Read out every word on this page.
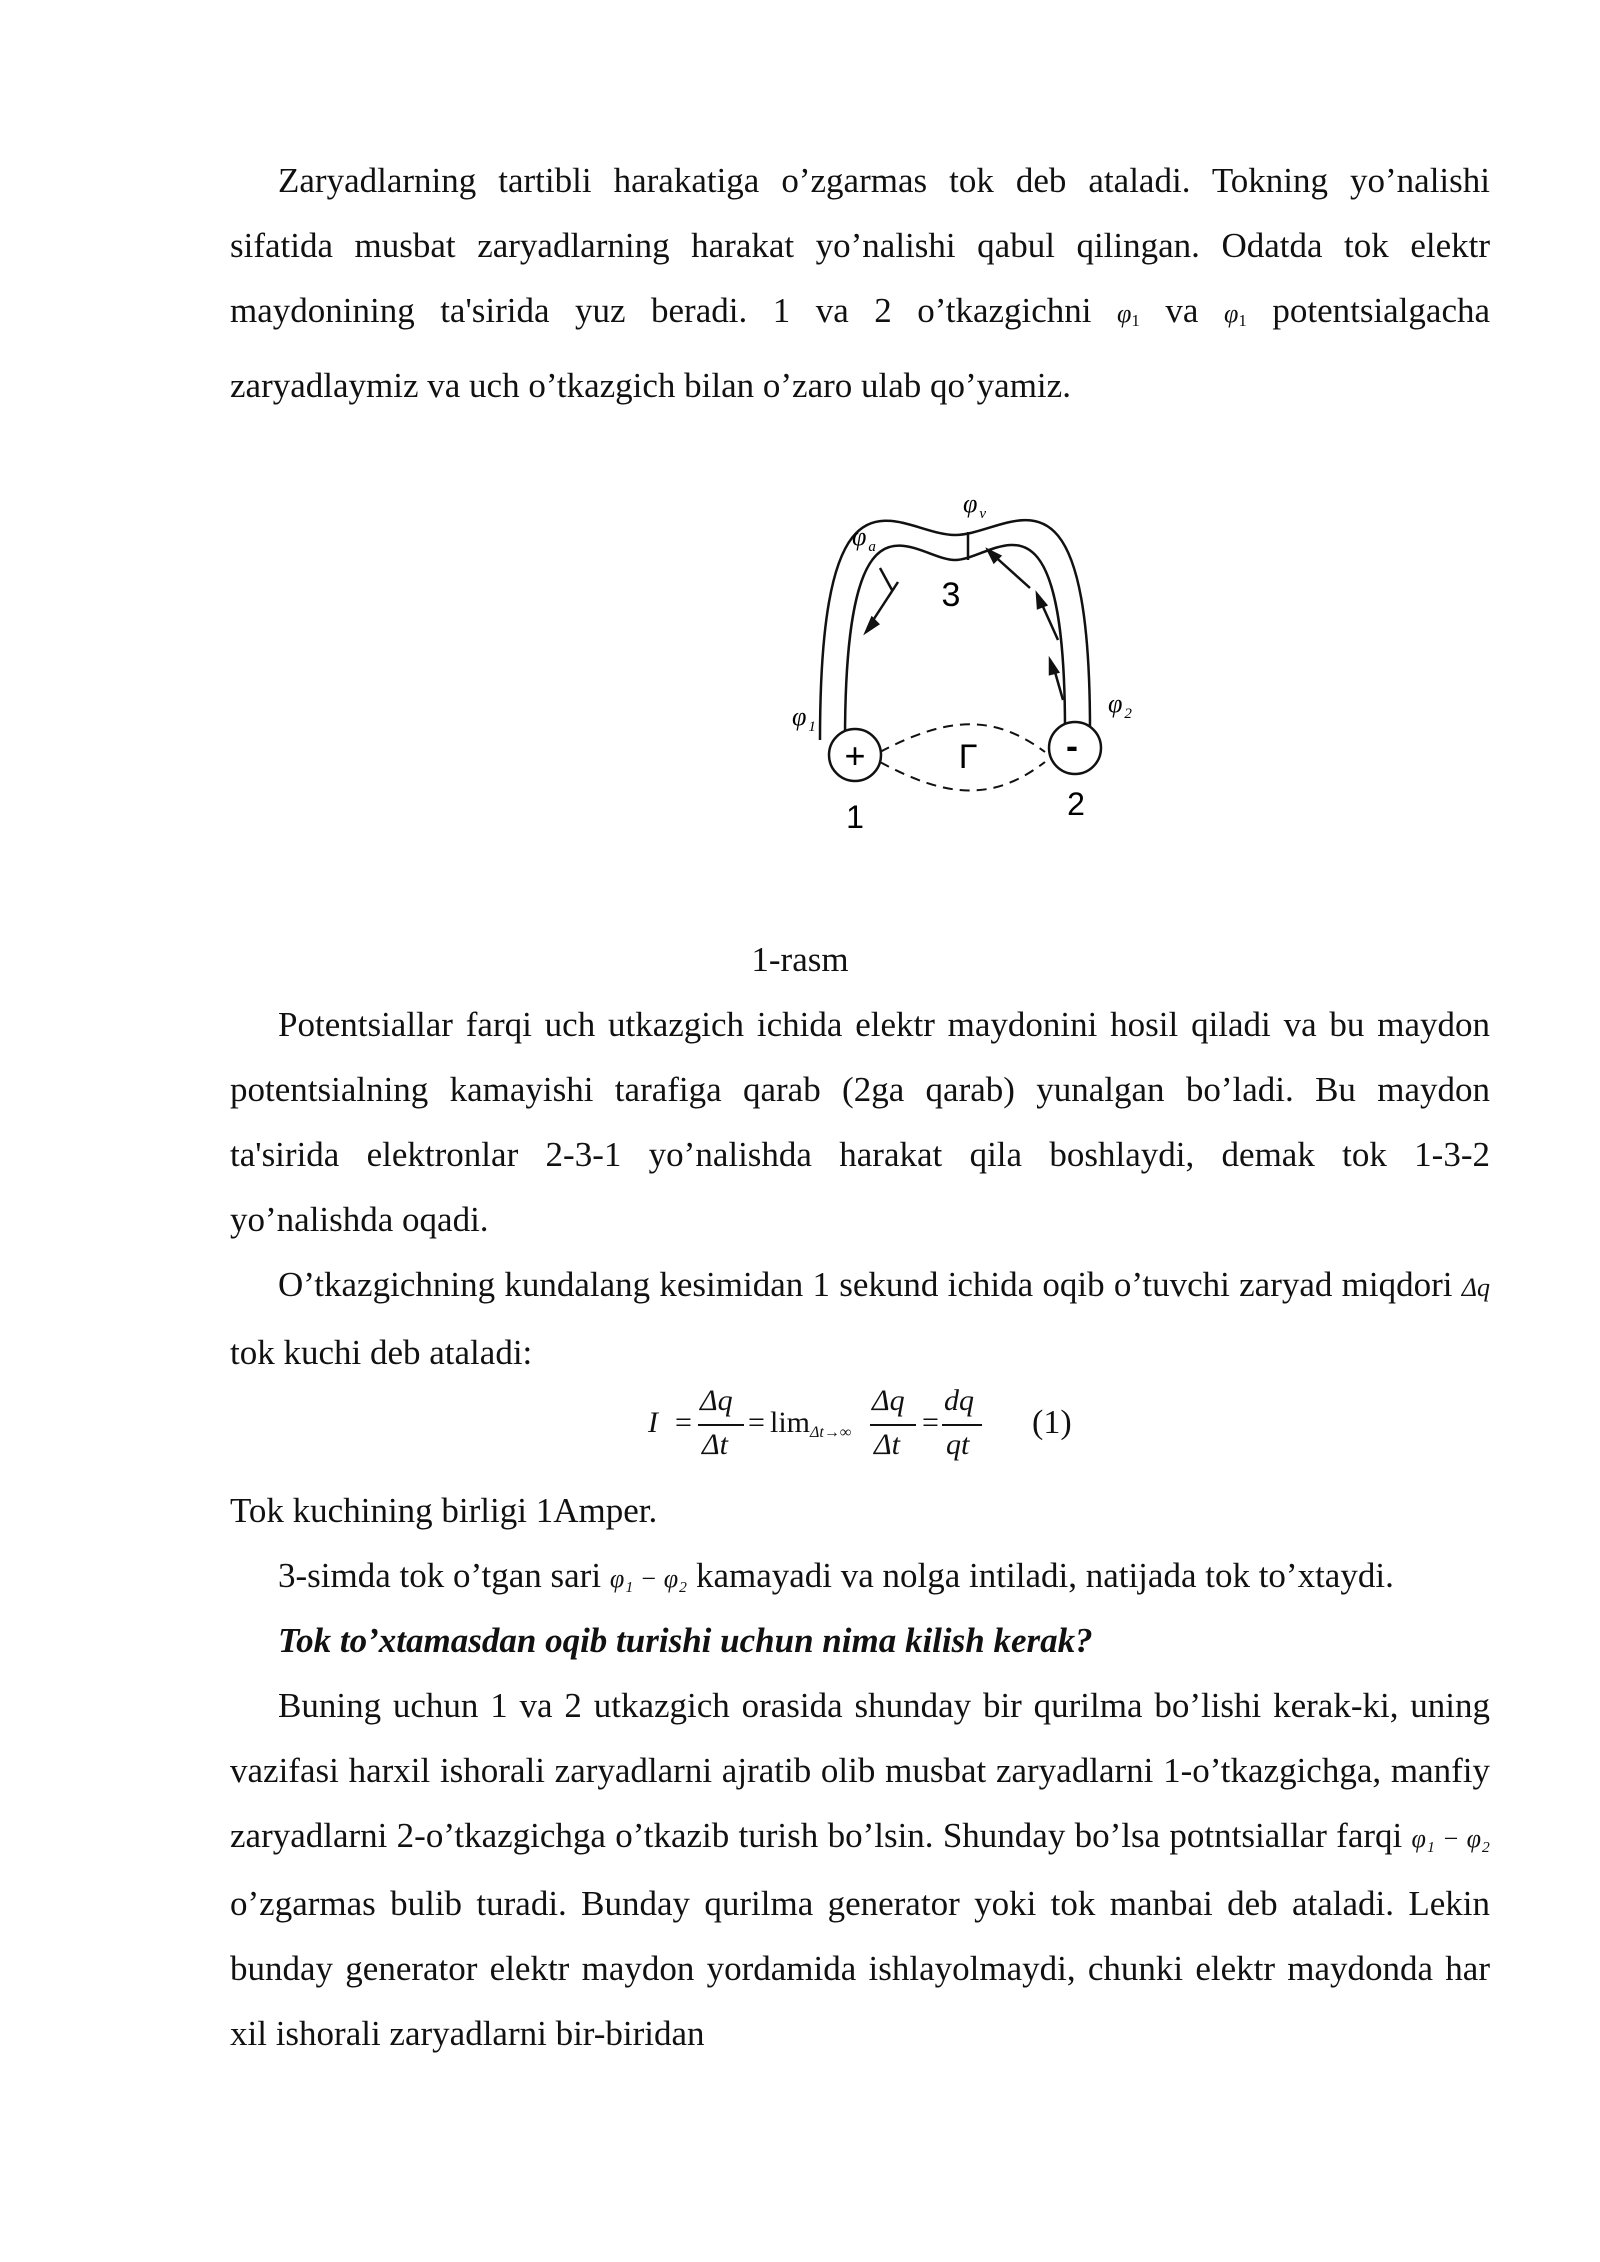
Zaryadlarning tartibli harakatiga o’zgarmas tok deb ataladi. Tokning yo’nalishi sifatida musbat zaryadlarning harakat yo’nalishi qabul qilingan. Odatda tok elektr maydonining ta'sirida yuz beradi. 1 va 2 o’tkazgichni $\varphi_1$ va $\varphi_1$ potentsialgacha zaryadlaymiz va uch o’tkazgich bilan o’zaro ulab qo’yamiz.

+	-
Г
3
1	2
φ $_a$
φ $_v$
φ $_1$
φ $_2$
1-rasm

Potentsiallar farqi uch utkazgich ichida elektr maydonini hosil qiladi va bu maydon potentsialning kamayishi tarafiga qarab (2ga qarab) yunalgan bo’ladi. Bu maydon ta'sirida elektronlar 2-3-1 yo’nalishda harakat qila boshlaydi, demak tok 1-3-2 yo’nalishda oqadi.

O’tkazgichning kundalang kesimidan 1 sekund ichida oqib o’tuvchi zaryad miqdori Δq tok kuchi deb ataladi:

I =
Δq
Δt
= lim Δt→∞
Δq
Δt
=
dq
qt
(1)

Tok kuchining birligi 1Amper.

3-simda tok o’tgan sari φ₁ − φ₂ kamayadi va nolga intiladi, natijada tok to’xtaydi.

Tok to’xtamasdan oqib turishi uchun nima kilish kerak?

Buning uchun 1 va 2 utkazgich orasida shunday bir qurilma bo’lishi kerak-ki, uning vazifasi harxil ishorali zaryadlarni ajratib olib musbat zaryadlarni 1-o’tkazgichga, manfiy zaryadlarni 2-o’tkazgichga o’tkazib turish bo’lsin. Shunday bo’lsa potntsiallar farqi φ₁ − φ₂ o’zgarmas bulib turadi. Bunday qurilma generator yoki tok manbai deb ataladi. Lekin bunday generator elektr maydon yordamida ishlayolmaydi, chunki elektr maydonda har xil ishorali zaryadlarni bir-biridan
